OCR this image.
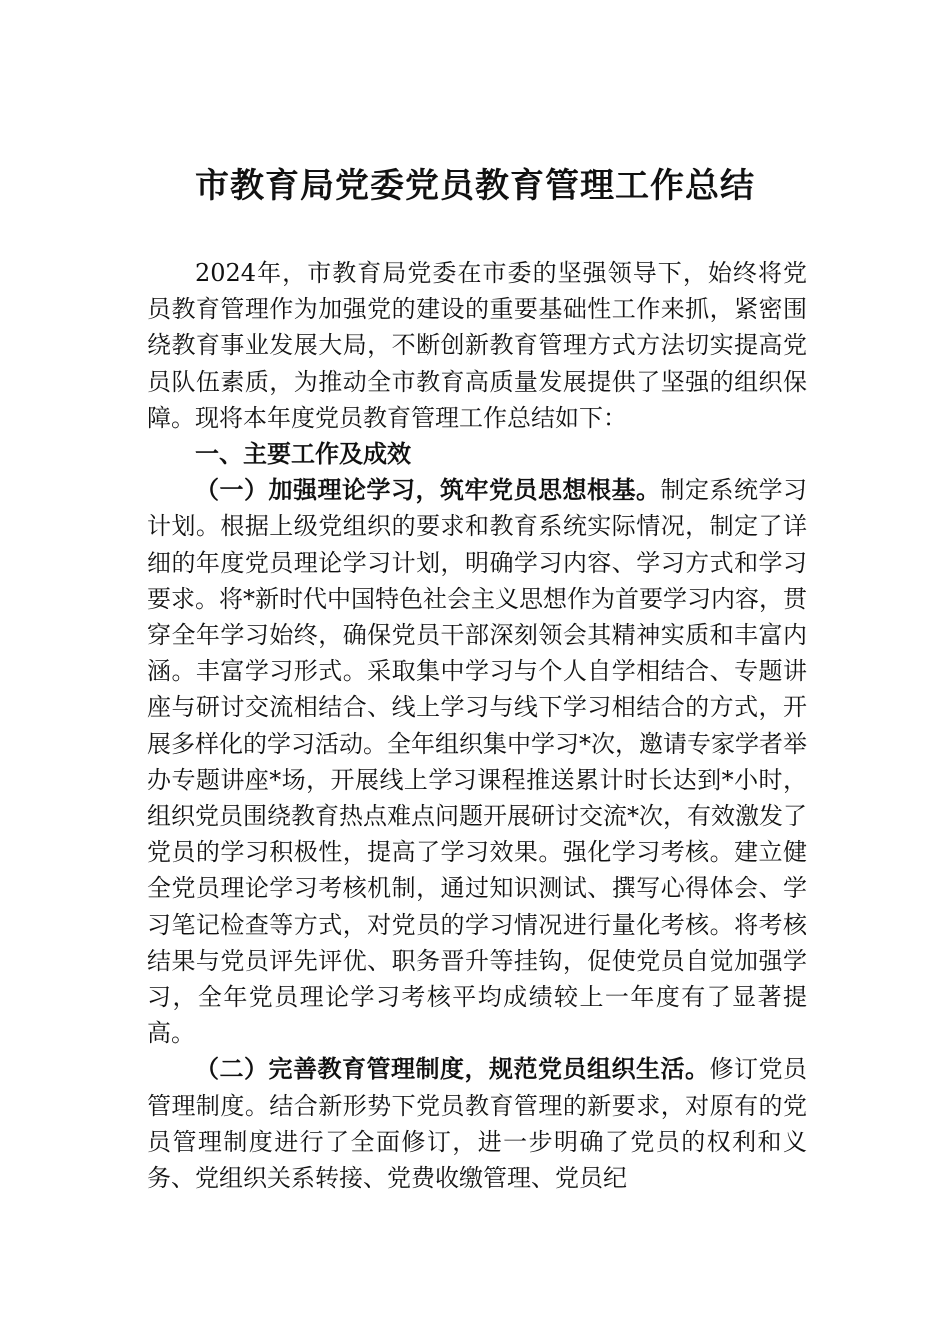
市教育局党委党员教育管理工作总结

2024年，市教育局党委在市委的坚强领导下，始终将党员教育管理作为加强党的建设的重要基础性工作来抓，紧密围绕教育事业发展大局，不断创新教育管理方式方法切实提高党员队伍素质，为推动全市教育高质量发展提供了坚强的组织保障。现将本年度党员教育管理工作总结如下：

一、主要工作及成效

（一）加强理论学习，筑牢党员思想根基。制定系统学习计划。根据上级党组织的要求和教育系统实际情况，制定了详细的年度党员理论学习计划，明确学习内容、学习方式和学习要求。将*新时代中国特色社会主义思想作为首要学习内容，贯穿全年学习始终，确保党员干部深刻领会其精神实质和丰富内涵。丰富学习形式。采取集中学习与个人自学相结合、专题讲座与研讨交流相结合、线上学习与线下学习相结合的方式，开展多样化的学习活动。全年组织集中学习*次，邀请专家学者举办专题讲座*场，开展线上学习课程推送累计时长达到*小时，组织党员围绕教育热点难点问题开展研讨交流*次，有效激发了党员的学习积极性，提高了学习效果。强化学习考核。建立健全党员理论学习考核机制，通过知识测试、撰写心得体会、学习笔记检查等方式，对党员的学习情况进行量化考核。将考核结果与党员评先评优、职务晋升等挂钩，促使党员自觉加强学习，全年党员理论学习考核平均成绩较上一年度有了显著提高。

（二）完善教育管理制度，规范党员组织生活。修订党员管理制度。结合新形势下党员教育管理的新要求，对原有的党员管理制度进行了全面修订，进一步明确了党员的权利和义务、党组织关系转接、党费收缴管理、党员纪
